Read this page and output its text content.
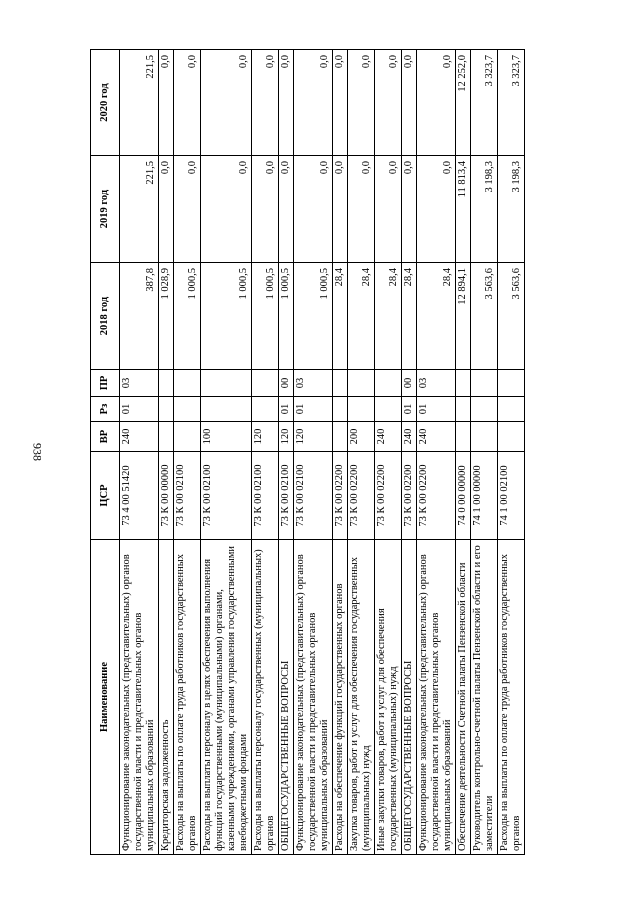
938
Наименование	ЦСР	ВР	Рз	ПР	2018 год	2019 год	2020 год
Функционирование законодательных (представительных) органов государственной власти и представительных органов муниципальных образований	73 4 00 51420	240	01	03	387,8	221,5	221,5
Кредиторская задолженность	73 К 00 00000				1 028,9	0,0	0,0
Расходы на выплаты по оплате труда работников государственных органов	73 К 00 02100				1 000,5	0,0	0,0
Расходы на выплаты персоналу в целях обеспечения выполнения функций государственными (муниципальными) органами, казенными учреждениями, органами управления государственными внебюджетными фондами	73 К 00 02100	100			1 000,5	0,0	0,0
Расходы на выплаты персоналу государственных (муниципальных) органов	73 К 00 02100	120			1 000,5	0,0	0,0
ОБЩЕГОСУДАРСТВЕННЫЕ ВОПРОСЫ	73 К 00 02100	120	01	00	1 000,5	0,0	0,0
Функционирование законодательных (представительных) органов государственной власти и представительных органов муниципальных образований	73 К 00 02100	120	01	03	1 000,5	0,0	0,0
Расходы на обеспечение функций государственных органов	73 К 00 02200				28,4	0,0	0,0
Закупка товаров, работ и услуг для обеспечения государственных (муниципальных) нужд	73 К 00 02200	200			28,4	0,0	0,0
Иные закупки товаров, работ и услуг для обеспечения государственных (муниципальных) нужд	73 К 00 02200	240			28,4	0,0	0,0
ОБЩЕГОСУДАРСТВЕННЫЕ ВОПРОСЫ	73 К 00 02200	240	01	00	28,4	0,0	0,0
Функционирование законодательных (представительных) органов государственной власти и представительных органов муниципальных образований	73 К 00 02200	240	01	03	28,4	0,0	0,0
Обеспечение деятельности Счетной палаты Пензенской области	74 0 00 00000				12 894,1	11 813,4	12 252,0
Руководитель контрольно-счетной палаты Пензенской области и его заместители	74 1 00 00000				3 563,6	3 198,3	3 323,7
Расходы на выплаты по оплате труда работников государственных органов	74 1 00 02100				3 563,6	3 198,3	3 323,7
